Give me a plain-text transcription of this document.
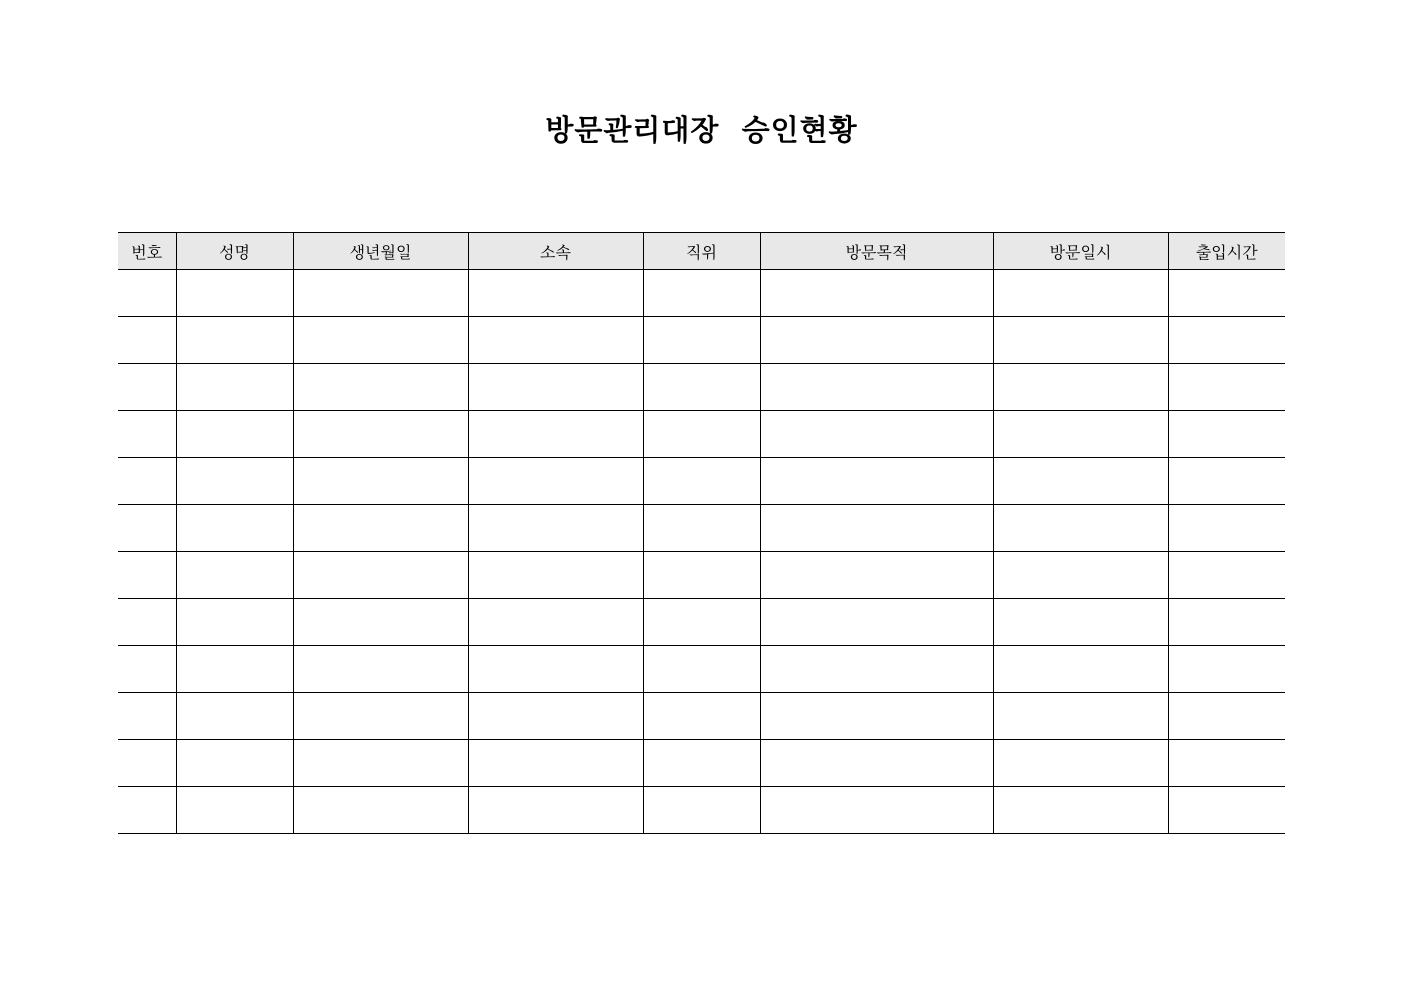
방문관리대장  승인현황
번호	성명	생년월일	소속	직위	방문목적	방문일시	출입시간
